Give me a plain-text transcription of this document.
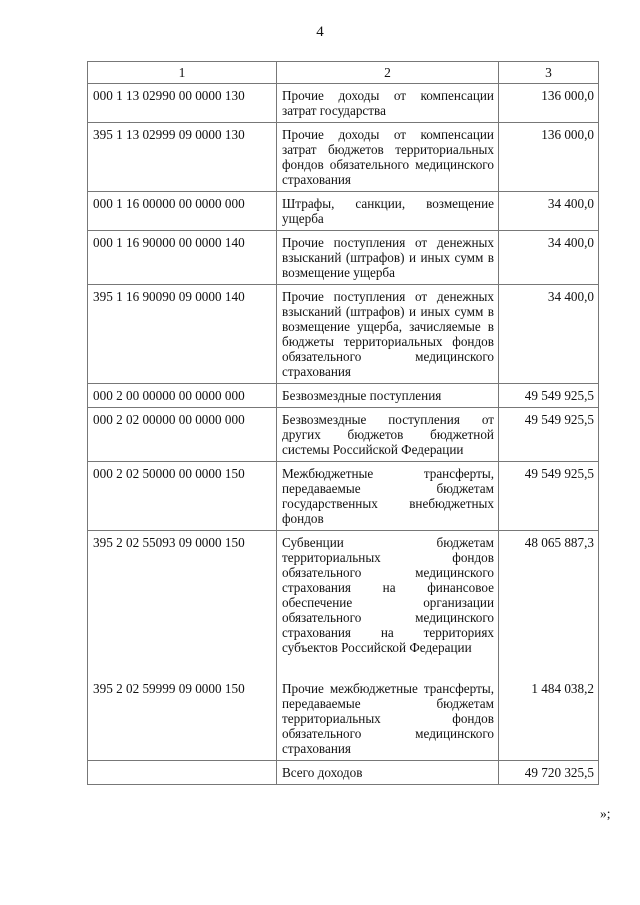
4
1	2	3
000 1 13 02990 00 0000 130	Прочие доходы от компенсации затрат государства	136 000,0
395 1 13 02999 09 0000 130	Прочие доходы от компенсации затрат бюджетов территориальных фондов обязательного медицинского страхования	136 000,0
000 1 16 00000 00 0000 000	Штрафы, санкции, возмещение ущерба	34 400,0
000 1 16 90000 00 0000 140	Прочие поступления от денежных взысканий (штрафов) и иных сумм в возмещение ущерба	34 400,0
395 1 16 90090 09 0000 140	Прочие поступления от денежных взысканий (штрафов) и иных сумм в возмещение ущерба, зачисляемые в бюджеты территориальных фондов обязательного медицинского страхования	34 400,0
000 2 00 00000 00 0000 000	Безвозмездные поступления	49 549 925,5
000 2 02 00000 00 0000 000	Безвозмездные поступления от других бюджетов бюджетной системы Российской Федерации	49 549 925,5
000 2 02 50000 00 0000 150	Межбюджетные трансферты, передаваемые бюджетам государственных внебюджетных фондов	49 549 925,5
395 2 02 55093 09 0000 150	Субвенции бюджетам территориальных фондов обязательного медицинского страхования на финансовое обеспечение организации обязательного медицинского страхования на территориях субъектов Российской Федерации	48 065 887,3
395 2 02 59999 09 0000 150	Прочие межбюджетные трансферты, передаваемые бюджетам территориальных фондов обязательного медицинского страхования	1 484 038,2
	Всего доходов	49 720 325,5
»;
